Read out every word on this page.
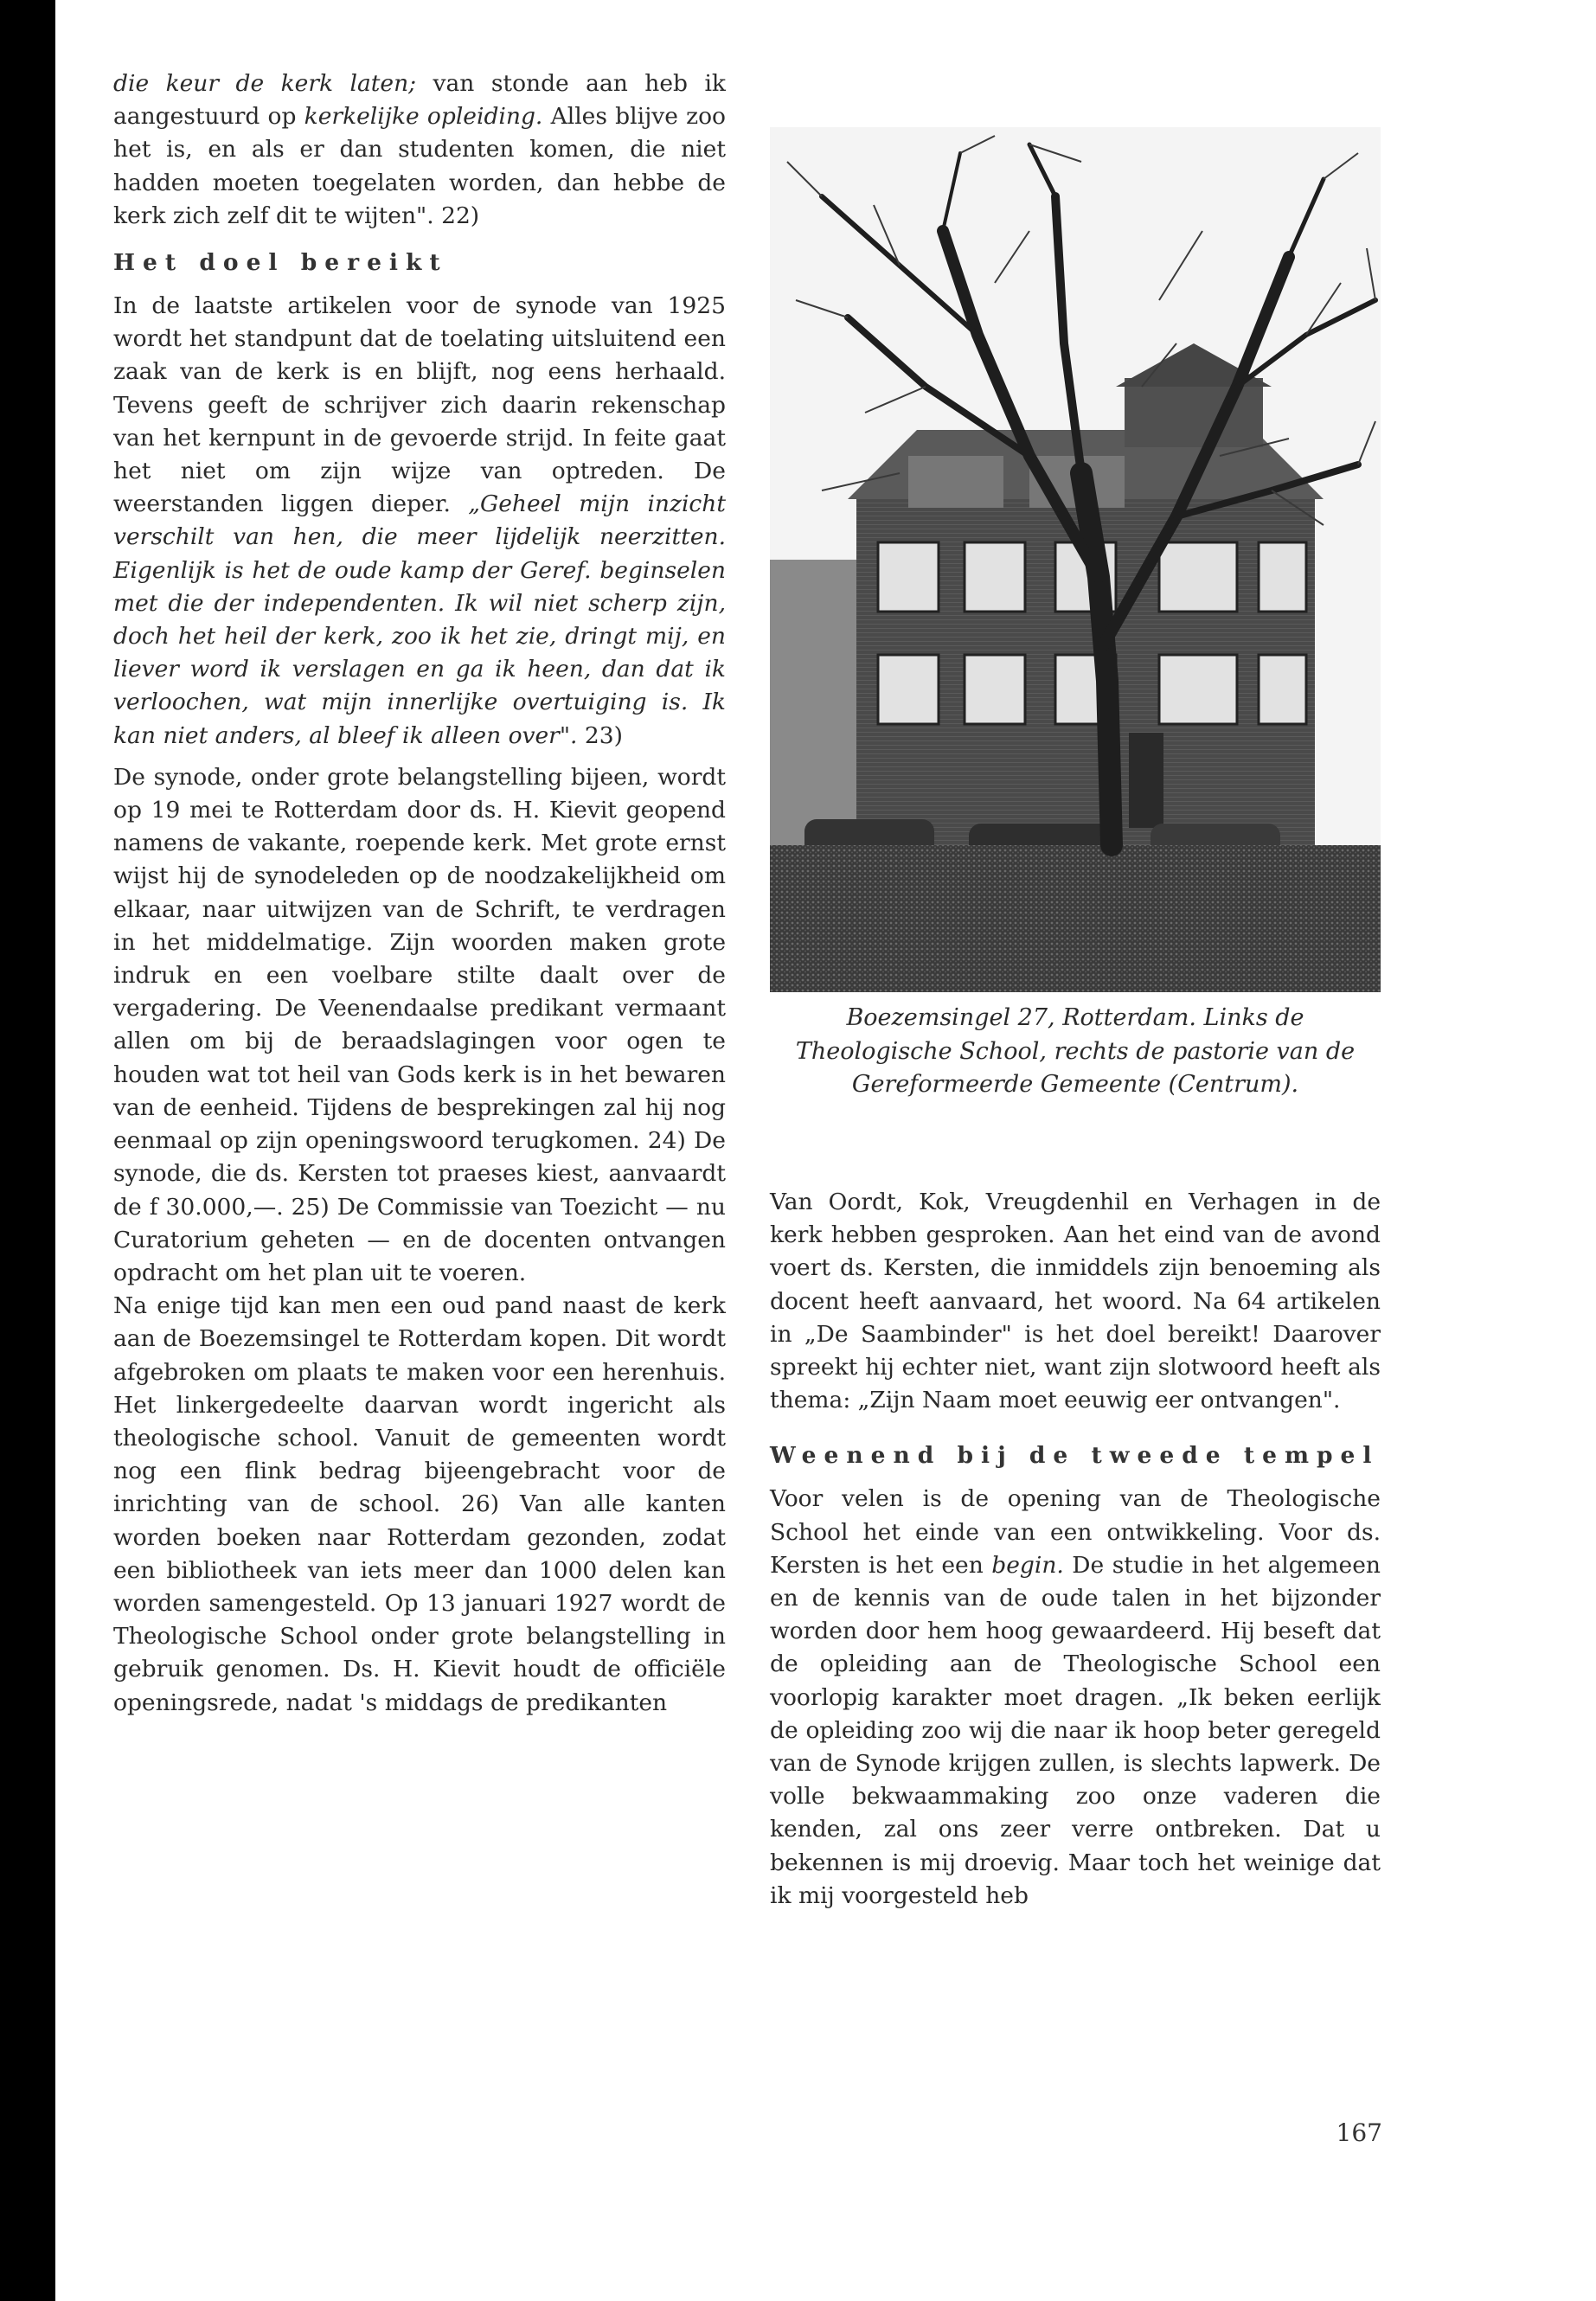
die keur de kerk laten; van stonde aan heb ik aangestuurd op kerkelijke opleiding. Alles blijve zoo het is, en als er dan studenten komen, die niet hadden moeten toegelaten worden, dan hebbe de kerk zich zelf dit te wijten". 22)

Het doel bereikt

In de laatste artikelen voor de synode van 1925 wordt het standpunt dat de toelating uitsluitend een zaak van de kerk is en blijft, nog eens herhaald. Tevens geeft de schrijver zich daarin rekenschap van het kernpunt in de gevoerde strijd. In feite gaat het niet om zijn wijze van optreden. De weerstanden liggen dieper. „Geheel mijn inzicht verschilt van hen, die meer lijdelijk neerzitten. Eigenlijk is het de oude kamp der Geref. beginselen met die der independenten. Ik wil niet scherp zijn, doch het heil der kerk, zoo ik het zie, dringt mij, en liever word ik verslagen en ga ik heen, dan dat ik verloochen, wat mijn innerlijke overtuiging is. Ik kan niet anders, al bleef ik alleen over". 23)

De synode, onder grote belangstelling bijeen, wordt op 19 mei te Rotterdam door ds. H. Kievit geopend namens de vakante, roepende kerk. Met grote ernst wijst hij de synodeleden op de noodzakelijkheid om elkaar, naar uitwijzen van de Schrift, te verdragen in het middelmatige. Zijn woorden maken grote indruk en een voelbare stilte daalt over de vergadering. De Veenendaalse predikant vermaant allen om bij de beraadslagingen voor ogen te houden wat tot heil van Gods kerk is in het bewaren van de eenheid. Tijdens de besprekingen zal hij nog eenmaal op zijn openingswoord terugkomen. 24) De synode, die ds. Kersten tot praeses kiest, aanvaardt de f 30.000,—. 25) De Commissie van Toezicht — nu Curatorium geheten — en de docenten ontvangen opdracht om het plan uit te voeren.

Na enige tijd kan men een oud pand naast de kerk aan de Boezemsingel te Rotterdam kopen. Dit wordt afgebroken om plaats te maken voor een herenhuis. Het linkergedeelte daarvan wordt ingericht als theologische school. Vanuit de gemeenten wordt nog een flink bedrag bijeengebracht voor de inrichting van de school. 26) Van alle kanten worden boeken naar Rotterdam gezonden, zodat een bibliotheek van iets meer dan 1000 delen kan worden samengesteld. Op 13 januari 1927 wordt de Theologische School onder grote belangstelling in gebruik genomen. Ds. H. Kievit houdt de officiële openingsrede, nadat 's middags de predikanten

Boezemsingel 27, Rotterdam. Links de Theologische School, rechts de pastorie van de Gereformeerde Gemeente (Centrum).

Van Oordt, Kok, Vreugdenhil en Verhagen in de kerk hebben gesproken. Aan het eind van de avond voert ds. Kersten, die inmiddels zijn benoeming als docent heeft aanvaard, het woord. Na 64 artikelen in „De Saambinder" is het doel bereikt! Daarover spreekt hij echter niet, want zijn slotwoord heeft als thema: „Zijn Naam moet eeuwig eer ontvangen".

Weenend bij de tweede tempel

Voor velen is de opening van de Theologische School het einde van een ontwikkeling. Voor ds. Kersten is het een begin. De studie in het algemeen en de kennis van de oude talen in het bijzonder worden door hem hoog gewaardeerd. Hij beseft dat de opleiding aan de Theologische School een voorlopig karakter moet dragen. „Ik beken eerlijk de opleiding zoo wij die naar ik hoop beter geregeld van de Synode krijgen zullen, is slechts lapwerk. De volle bekwaammaking zoo onze vaderen die kenden, zal ons zeer verre ontbreken. Dat u bekennen is mij droevig. Maar toch het weinige dat ik mij voorgesteld heb

167
